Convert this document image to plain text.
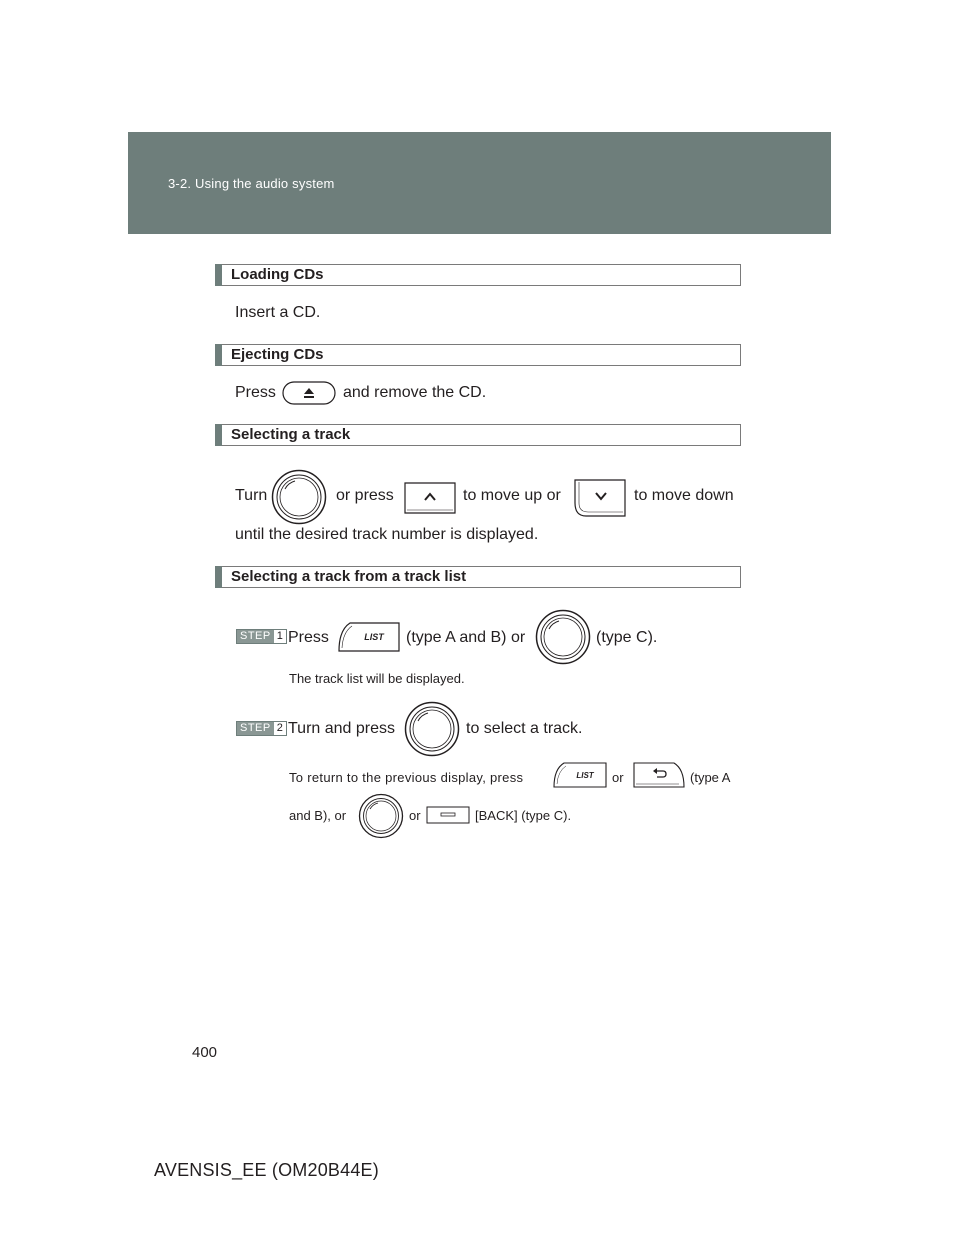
3-2. Using the audio system
Loading CDs
Insert a CD.
Ejecting CDs
Press	and remove the CD.
Selecting a track
Turn	or press	to move up or	to move down
until the desired track number is displayed.
Selecting a track from a track list
STEP 1 Press	LIST (type A and B) or	(type C).
The track list will be displayed.
STEP 2 Turn and press	to select a track.
To return to the previous display, press	LIST or	(type A
and B), or	or	[BACK] (type C).
400
AVENSIS_EE (OM20B44E)
